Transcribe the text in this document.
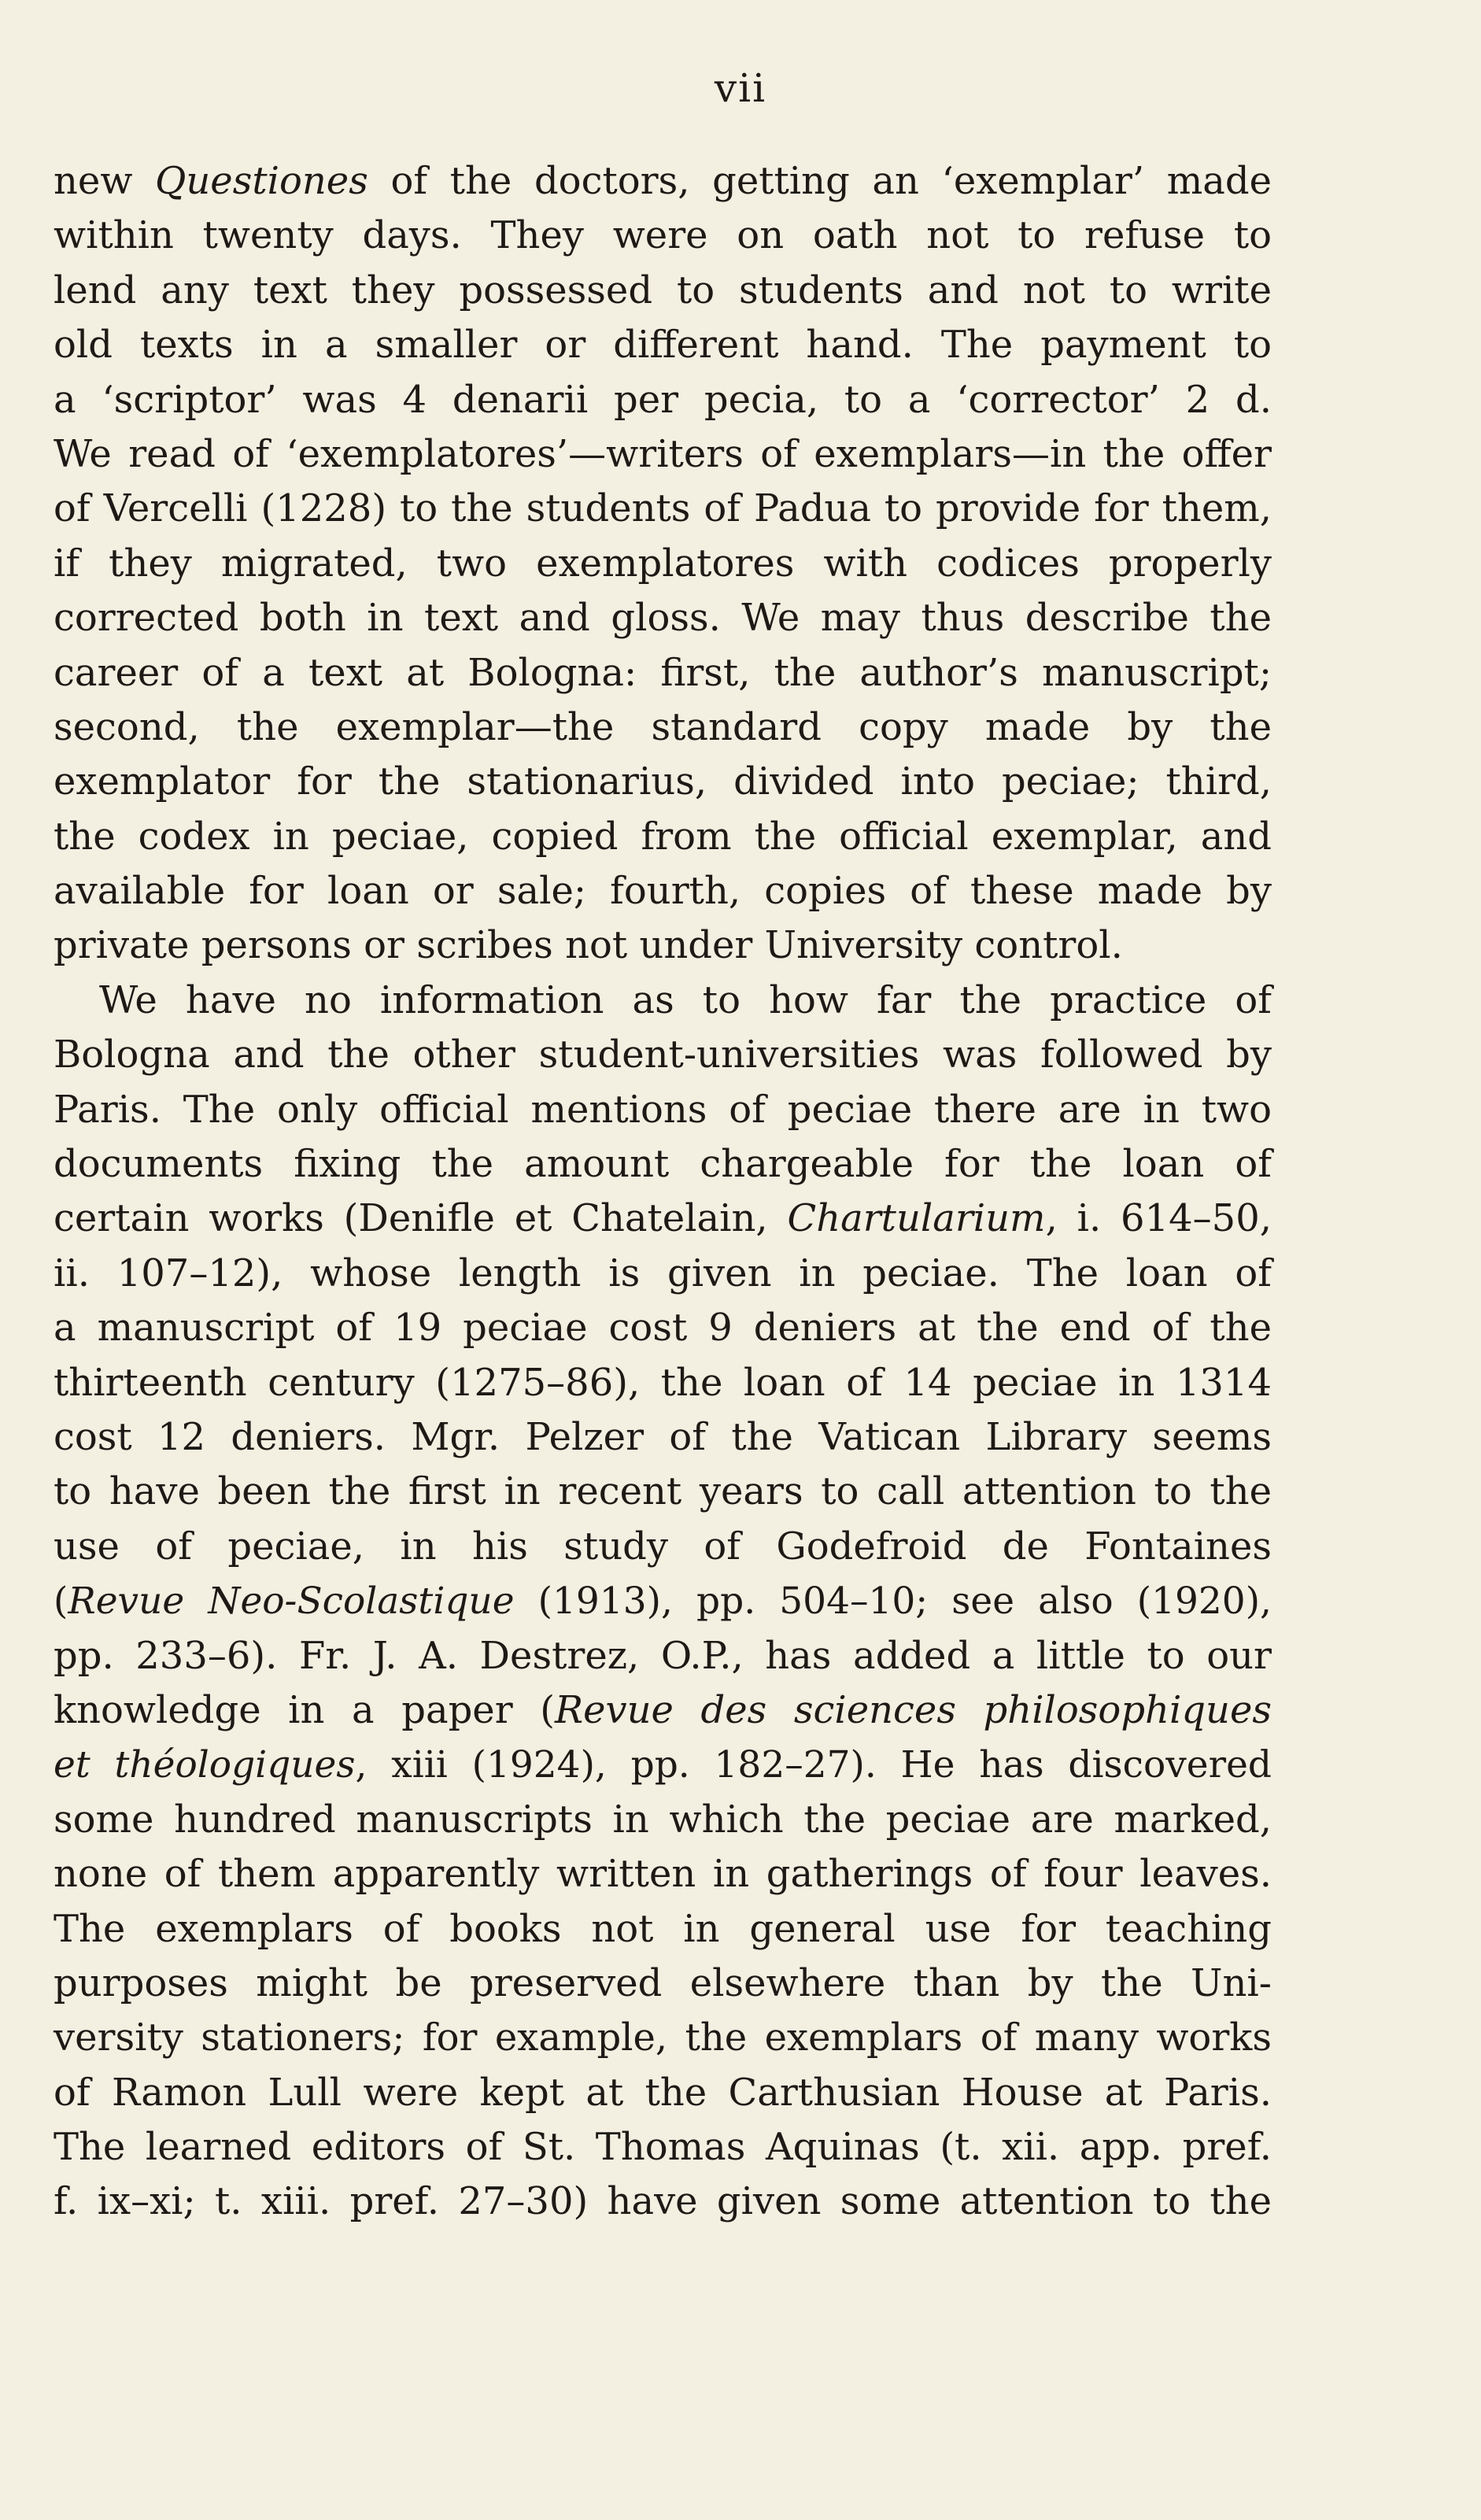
vii
new Questiones of the doctors, getting an ‘exemplar’ made
within twenty days. They were on oath not to refuse to
lend any text they possessed to students and not to write
old texts in a smaller or different hand. The payment to
a ‘scriptor’ was 4 denarii per pecia, to a ‘corrector’ 2 d.
We read of ‘exemplatores’—writers of exemplars—in the offer
of Vercelli (1228) to the students of Padua to provide for them,
if they migrated, two exemplatores with codices properly
corrected both in text and gloss. We may thus describe the
career of a text at Bologna: first, the author’s manuscript;
second, the exemplar—the standard copy made by the
exemplator for the stationarius, divided into peciae; third,
the codex in peciae, copied from the official exemplar, and
available for loan or sale; fourth, copies of these made by
private persons or scribes not under University control.
We have no information as to how far the practice of
Bologna and the other student-universities was followed by
Paris. The only official mentions of peciae there are in two
documents fixing the amount chargeable for the loan of
certain works (Denifle et Chatelain, Chartularium, i. 614–50,
ii. 107–12), whose length is given in peciae. The loan of
a manuscript of 19 peciae cost 9 deniers at the end of the
thirteenth century (1275–86), the loan of 14 peciae in 1314
cost 12 deniers. Mgr. Pelzer of the Vatican Library seems
to have been the first in recent years to call attention to the
use of peciae, in his study of Godefroid de Fontaines
(Revue Neo-Scolastique (1913), pp. 504–10; see also (1920),
pp. 233–6). Fr. J. A. Destrez, O.P., has added a little to our
knowledge in a paper (Revue des sciences philosophiques
et théologiques, xiii (1924), pp. 182–27). He has discovered
some hundred manuscripts in which the peciae are marked,
none of them apparently written in gatherings of four leaves.
The exemplars of books not in general use for teaching
purposes might be preserved elsewhere than by the Uni-
versity stationers; for example, the exemplars of many works
of Ramon Lull were kept at the Carthusian House at Paris.
The learned editors of St. Thomas Aquinas (t. xii. app. pref.
f. ix–xi; t. xiii. pref. 27–30) have given some attention to the
